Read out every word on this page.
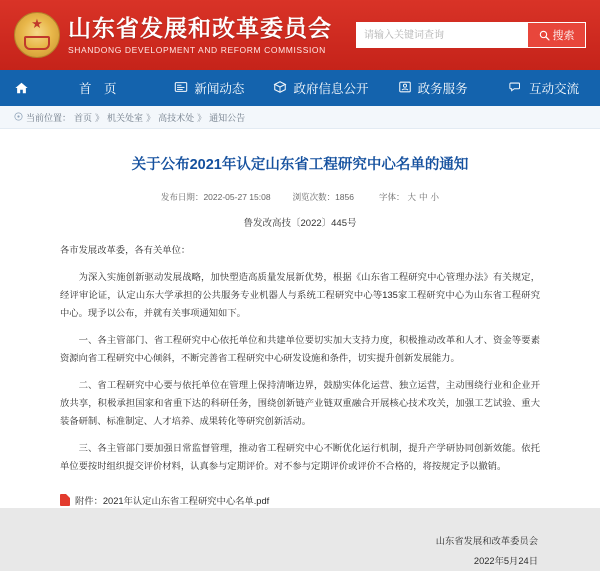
★
山东省发展和改革委员会
SHANDONG DEVELOPMENT AND REFORM COMMISSION
请输入关键词查询
搜索
首　页	新闻动态	政府信息公开	政务服务	互动交流
当前位置： 首页 》 机关处室 》 高技术处 》 通知公告
关于公布2021年认定山东省工程研究中心名单的通知
发布日期：2022-05-27 15:08	浏览次数：1856	字体： 大 中 小
鲁发改高技〔2022〕445号

各市发展改革委，各有关单位：

为深入实施创新驱动发展战略，加快塑造高质量发展新优势，根据《山东省工程研究中心管理办法》有关规定，经评审论证，认定山东大学承担的公共服务专业机器人与系统工程研究中心等135家工程研究中心为山东省工程研究中心。现予以公布，并就有关事项通知如下。

一、各主管部门、省工程研究中心依托单位和共建单位要切实加大支持力度，积极推动改革和人才、资金等要素资源向省工程研究中心倾斜，不断完善省工程研究中心研发设施和条件，切实提升创新发展能力。

二、省工程研究中心要与依托单位在管理上保持清晰边界，鼓励实体化运营、独立运营，主动围绕行业和企业开放共享，积极承担国家和省重下达的科研任务，围绕创新链产业链双重融合开展核心技术攻关，加强工艺试验、重大装备研制、标准制定、人才培养、成果转化等研究创新活动。

三、各主管部门要加强日常监督管理，推动省工程研究中心不断优化运行机制，提升产学研协同创新效能。依托单位要按时组织提交评价材料，认真参与定期评价。对不参与定期评价或评价不合格的，将按规定予以撤销。

附件：2021年认定山东省工程研究中心名单.pdf
山东省发展和改革委员会
2022年5月24日
